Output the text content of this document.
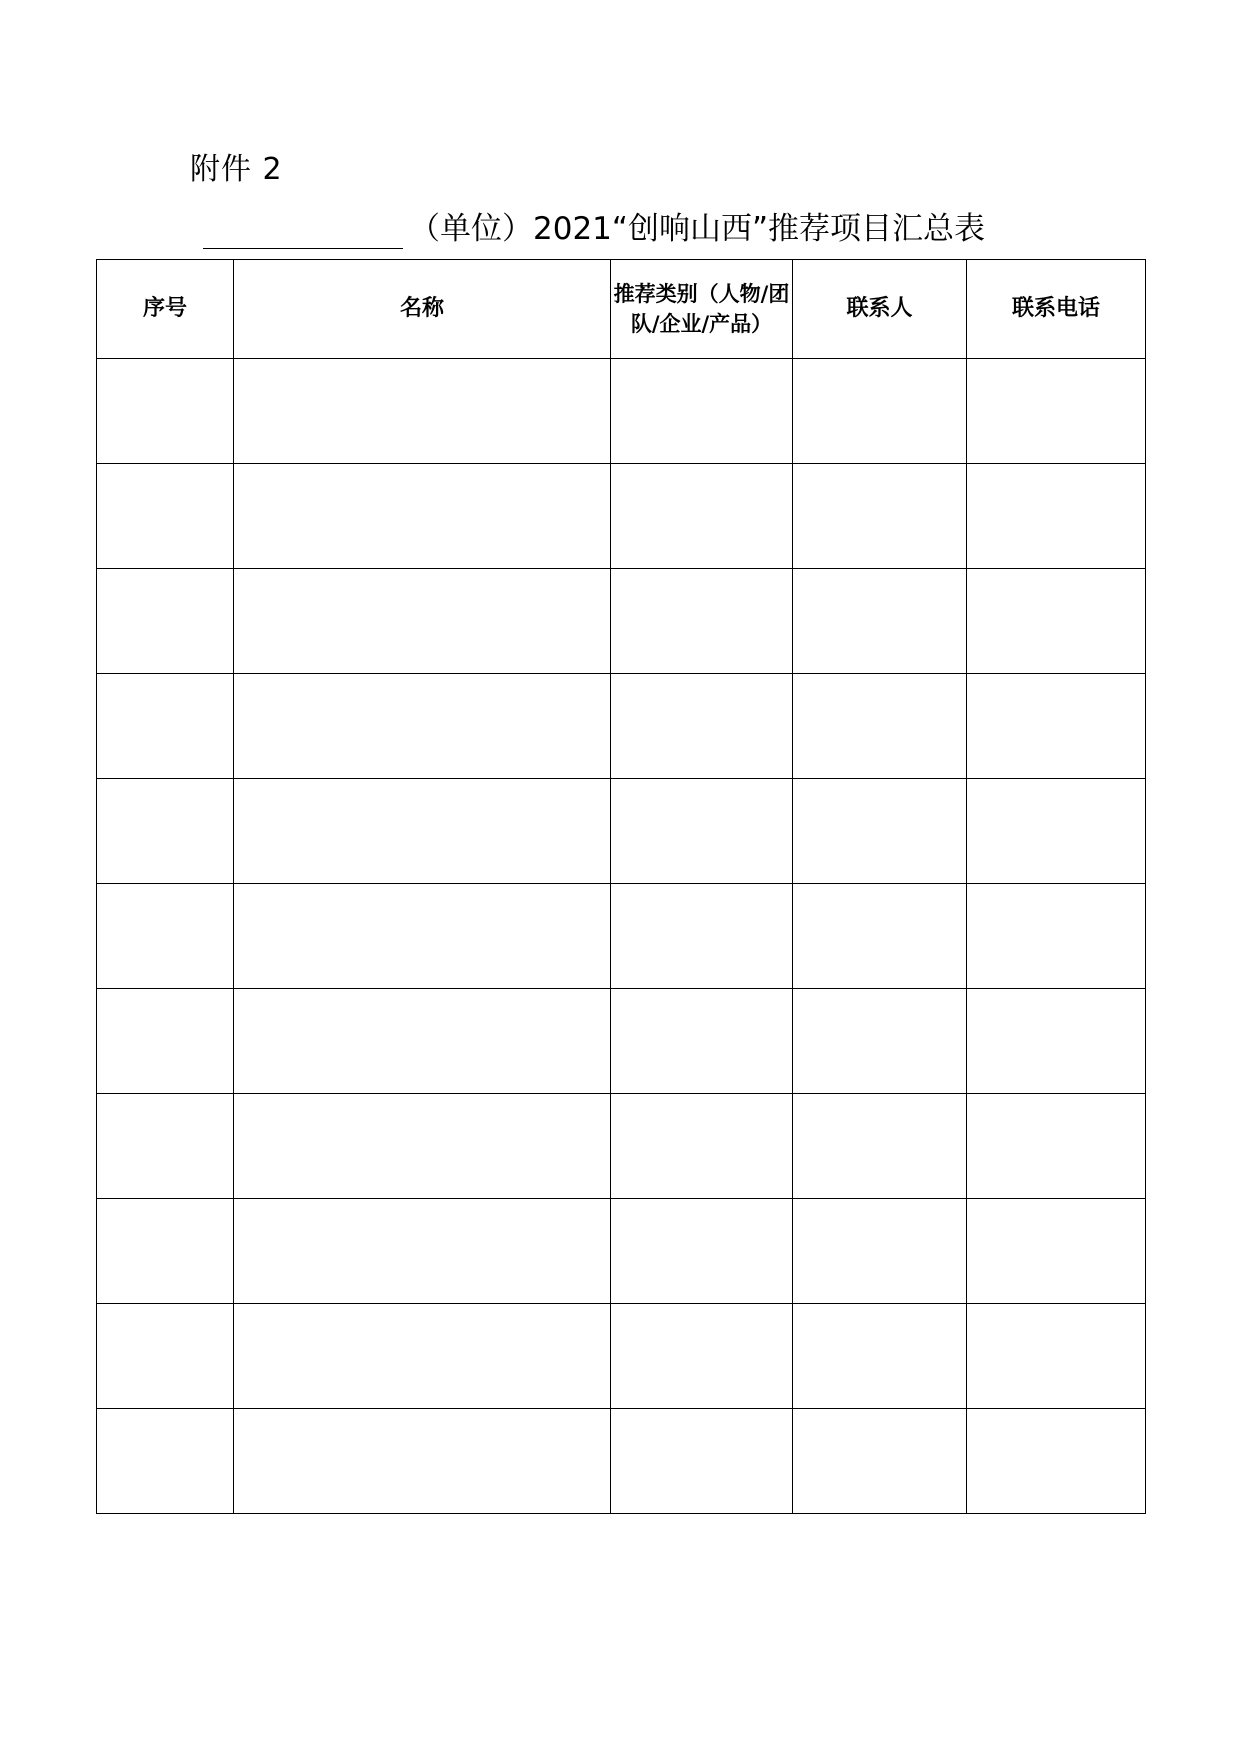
附件 2
（单位）2021“创响山西”推荐项目汇总表
序号	名称	推荐类别（人物/团队/企业/产品）	联系人	联系电话
